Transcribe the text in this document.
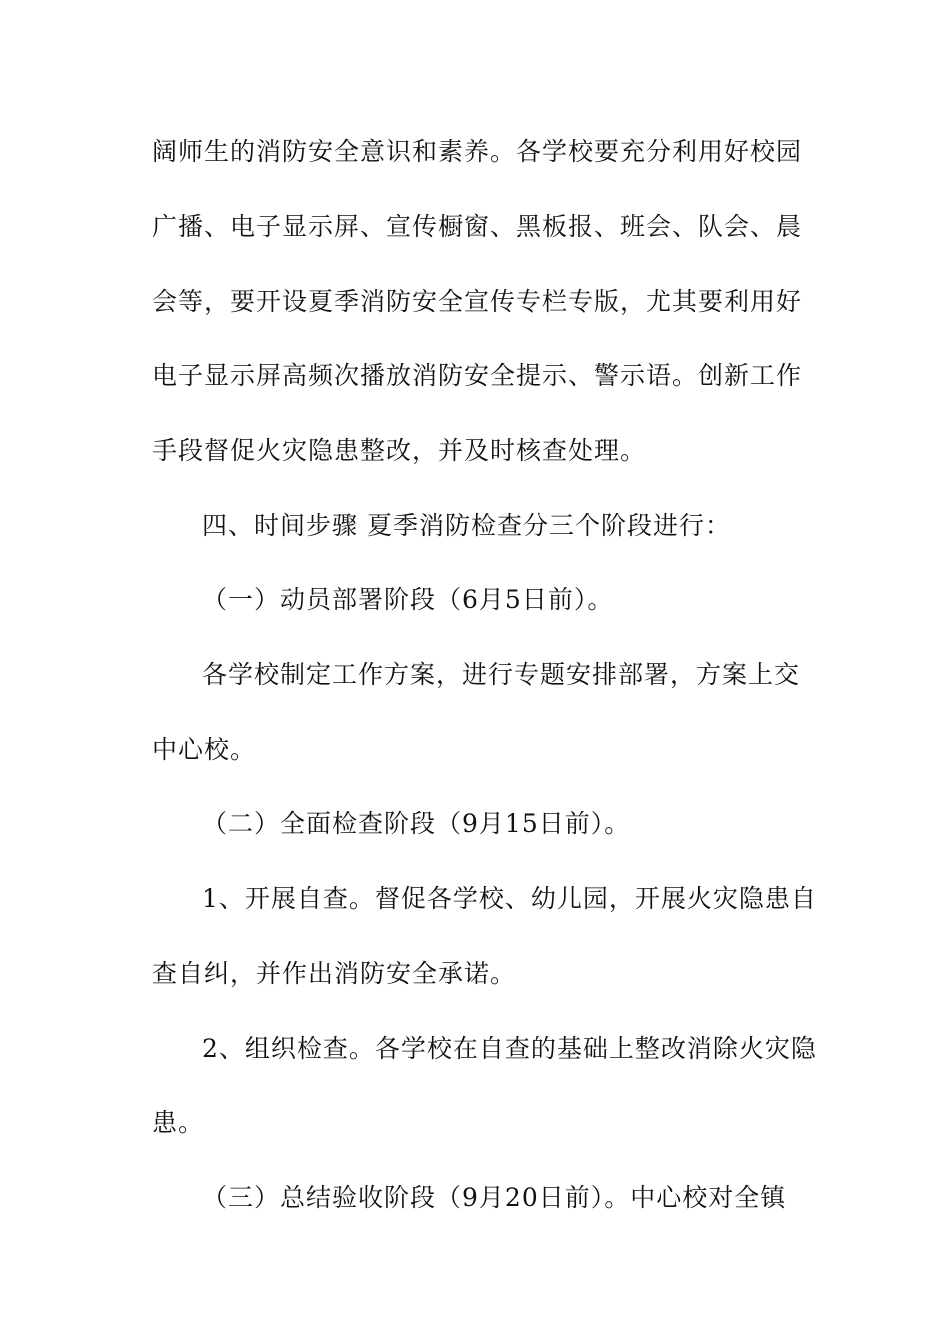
阔师生的消防安全意识和素养。各学校要充分利用好校园
广播、电子显示屏、宣传橱窗、黑板报、班会、队会、晨
会等，要开设夏季消防安全宣传专栏专版，尤其要利用好
电子显示屏高频次播放消防安全提示、警示语。创新工作
手段督促火灾隐患整改，并及时核查处理。
四、时间步骤 夏季消防检查分三个阶段进行：
（一）动员部署阶段（6月5日前）。
各学校制定工作方案，进行专题安排部署，方案上交
中心校。
（二）全面检查阶段（9月15日前）。
1、开展自查。督促各学校、幼儿园，开展火灾隐患自
查自纠，并作出消防安全承诺。
2、组织检查。各学校在自查的基础上整改消除火灾隐
患。
（三）总结验收阶段（9月20日前）。中心校对全镇
